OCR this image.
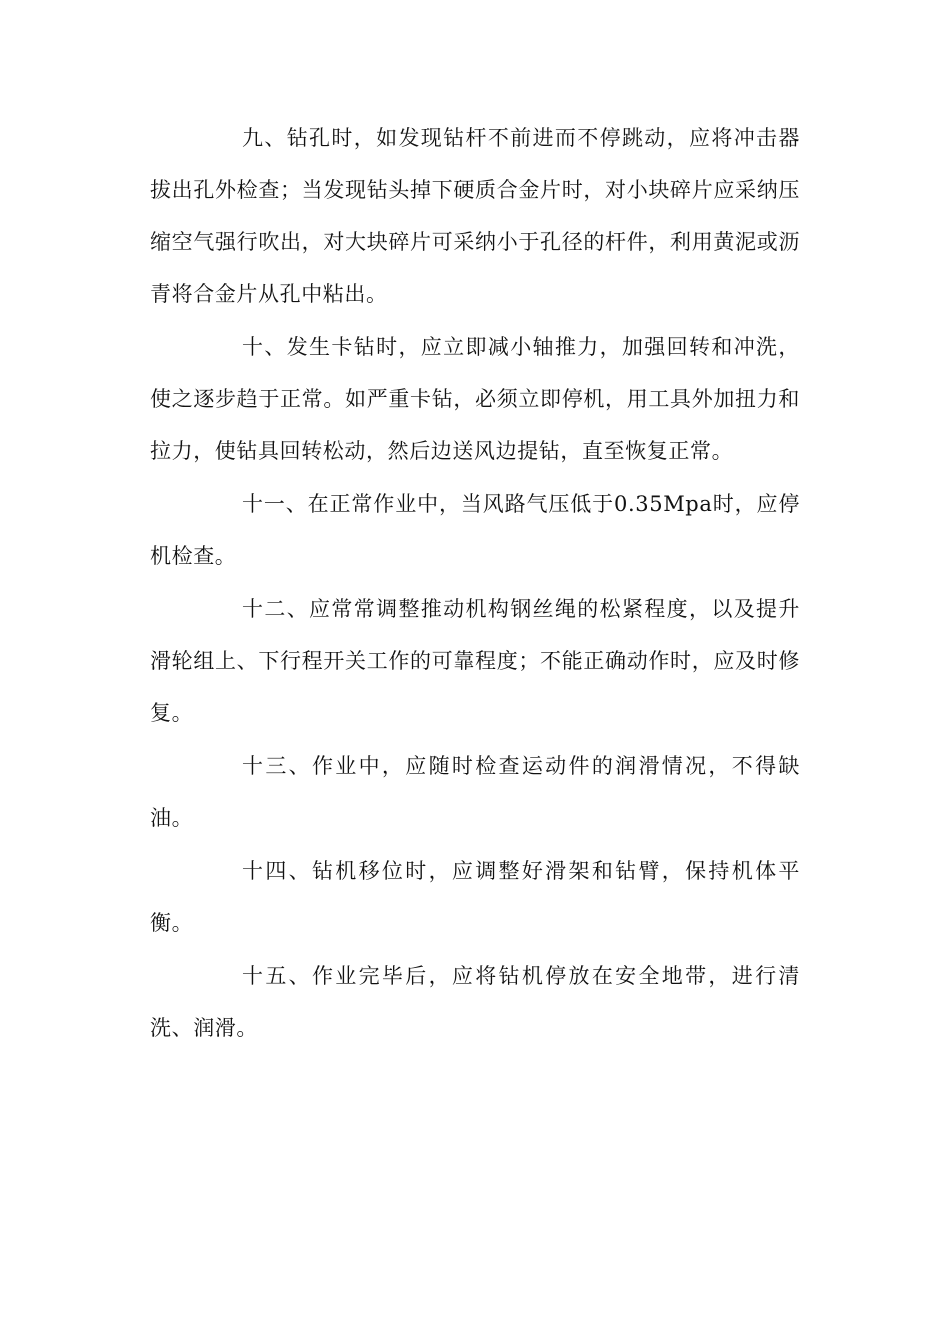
九、钻孔时，如发现钻杆不前进而不停跳动，应将冲击器拔出孔外检查；当发现钻头掉下硬质合金片时，对小块碎片应采纳压缩空气强行吹出，对大块碎片可采纳小于孔径的杆件，利用黄泥或沥青将合金片从孔中粘出。

十、发生卡钻时，应立即减小轴推力，加强回转和冲洗，使之逐步趋于正常。如严重卡钻，必须立即停机，用工具外加扭力和拉力，使钻具回转松动，然后边送风边提钻，直至恢复正常。

十一、在正常作业中，当风路气压低于0.35Mpa时，应停机检查。

十二、应常常调整推动机构钢丝绳的松紧程度，以及提升滑轮组上、下行程开关工作的可靠程度；不能正确动作时，应及时修复。

十三、作业中，应随时检查运动件的润滑情况，不得缺油。

十四、钻机移位时，应调整好滑架和钻臂，保持机体平衡。

十五、作业完毕后，应将钻机停放在安全地带，进行清洗、润滑。
